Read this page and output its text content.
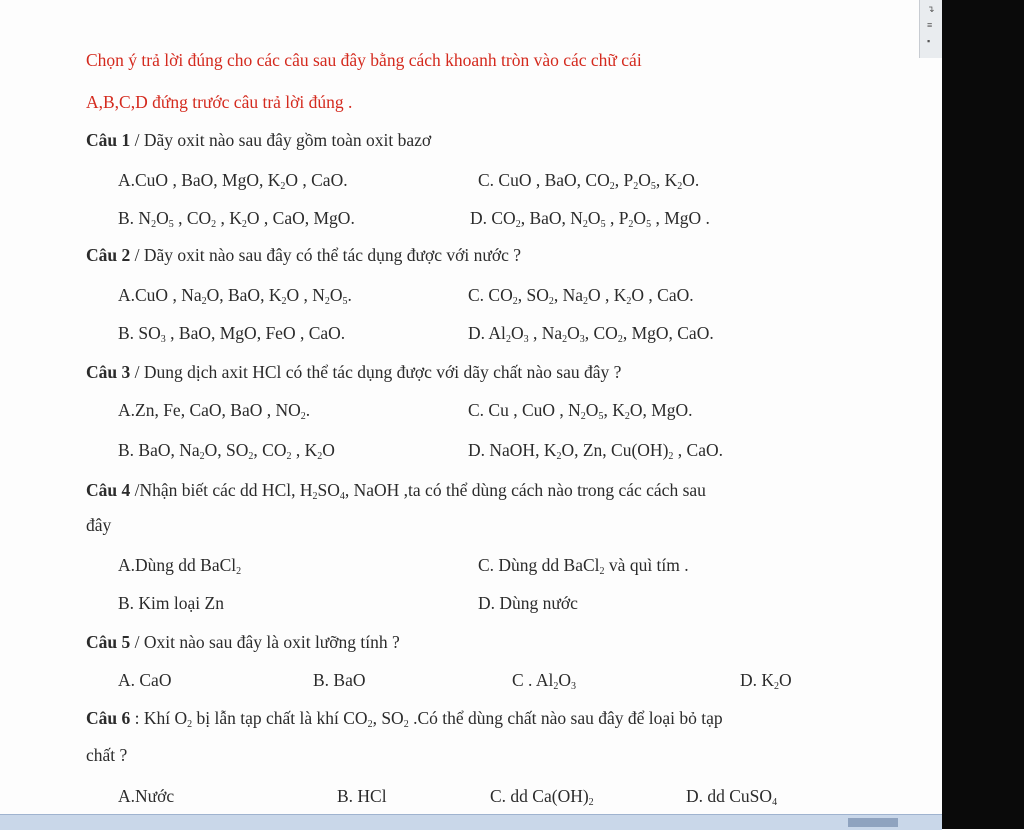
Chọn ý trả lời đúng cho các câu sau đây bằng cách khoanh tròn vào các chữ cái
A,B,C,D đứng trước câu trả lời đúng .
Câu 1 / Dãy oxit nào sau đây gồm toàn oxit bazơ
A.CuO , BaO, MgO, $K_2O$ , CaO.	C. CuO , BaO, $CO_2$, $P_2O_5$, $K_2O$.
B. $N_2O_5$ , $CO_2$ , $K_2O$ , CaO, MgO.	D. $CO_2$, BaO, $N_2O_5$ , $P_2O_5$ , MgO .
Câu 2 / Dãy oxit nào sau đây có thể tác dụng được với nước ?
A.CuO , $Na_2O$, BaO, $K_2O$ , $N_2O_5$.	C. $CO_2$, $SO_2$, $Na_2O$ , $K_2O$ , CaO.
B. $SO_3$ , BaO, MgO, FeO , CaO.	D. $Al_2O_3$ , $Na_2O_3$, $CO_2$, MgO, CaO.
Câu 3 / Dung dịch axit HCl có thể tác dụng được với dãy chất nào sau đây ?
A.Zn, Fe, CaO, BaO , $NO_2$.	C. Cu , CuO , $N_2O_5$, $K_2O$, MgO.
B. BaO, $Na_2O$, $SO_2$, $CO_2$ , $K_2O$	D. NaOH, $K_2O$, Zn, $Cu(OH)_2$ , CaO.
Câu 4 /Nhận biết các dd HCl, $H_2SO_4$, NaOH ,ta có thể dùng cách nào trong các cách sau
đây
A.Dùng dd BaCl$_2$	C. Dùng dd BaCl$_2$ và quì tím .
B. Kim loại Zn	D. Dùng nước
Câu 5 / Oxit nào sau đây là oxit lưỡng tính ?
A. CaO	B. BaO	C . $Al_2O_3$	D. $K_2O$
Câu 6 : Khí $O_2$ bị lẫn tạp chất là khí $CO_2$, $SO_2$ .Có thể dùng chất nào sau đây để loại bỏ tạp
chất ?
A.Nước	B. HCl	C. dd $Ca(OH)_2$	D. dd CuSO$_4$
↴
≡
▪
